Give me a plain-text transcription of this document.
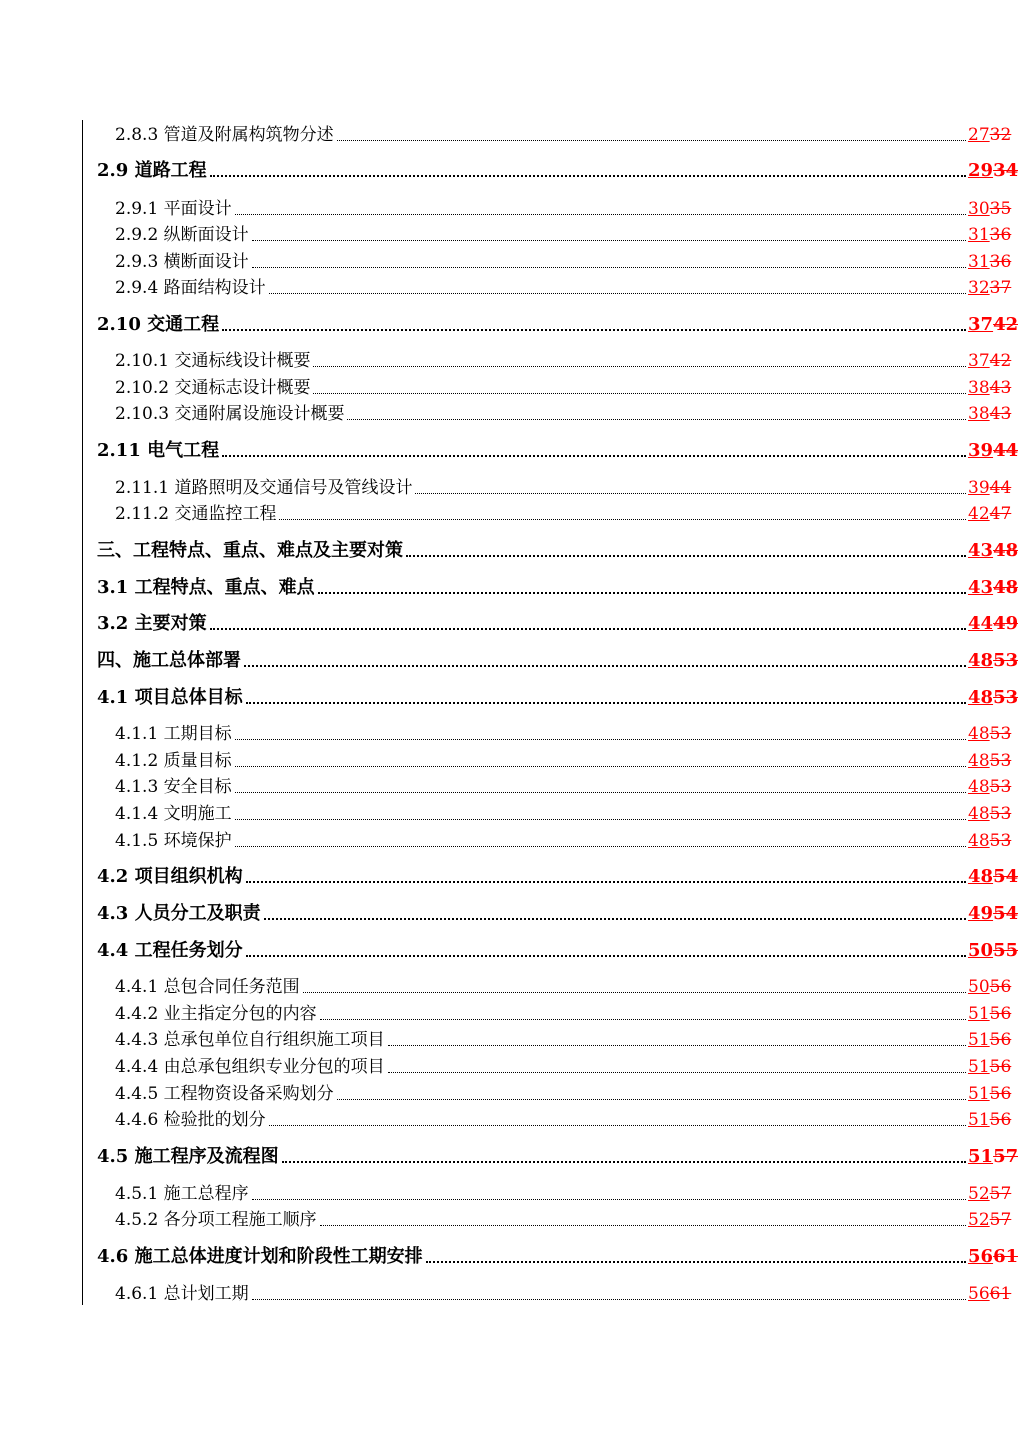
2.8.3 管道及附属构筑物分述	2732
2.9 道路工程	2934
2.9.1 平面设计	3035
2.9.2 纵断面设计	3136
2.9.3 横断面设计	3136
2.9.4 路面结构设计	3237
2.10 交通工程	3742
2.10.1 交通标线设计概要	3742
2.10.2 交通标志设计概要	3843
2.10.3 交通附属设施设计概要	3843
2.11 电气工程	3944
2.11.1 道路照明及交通信号及管线设计	3944
2.11.2 交通监控工程	4247
三、工程特点、重点、难点及主要对策	4348
3.1 工程特点、重点、难点	4348
3.2 主要对策	4449
四、施工总体部署	4853
4.1 项目总体目标	4853
4.1.1 工期目标	4853
4.1.2 质量目标	4853
4.1.3 安全目标	4853
4.1.4 文明施工	4853
4.1.5 环境保护	4853
4.2 项目组织机构	4854
4.3 人员分工及职责	4954
4.4 工程任务划分	5055
4.4.1 总包合同任务范围	5056
4.4.2 业主指定分包的内容	5156
4.4.3 总承包单位自行组织施工项目	5156
4.4.4 由总承包组织专业分包的项目	5156
4.4.5 工程物资设备采购划分	5156
4.4.6 检验批的划分	5156
4.5 施工程序及流程图	5157
4.5.1 施工总程序	5257
4.5.2 各分项工程施工顺序	5257
4.6 施工总体进度计划和阶段性工期安排	5661
4.6.1 总计划工期	5661
